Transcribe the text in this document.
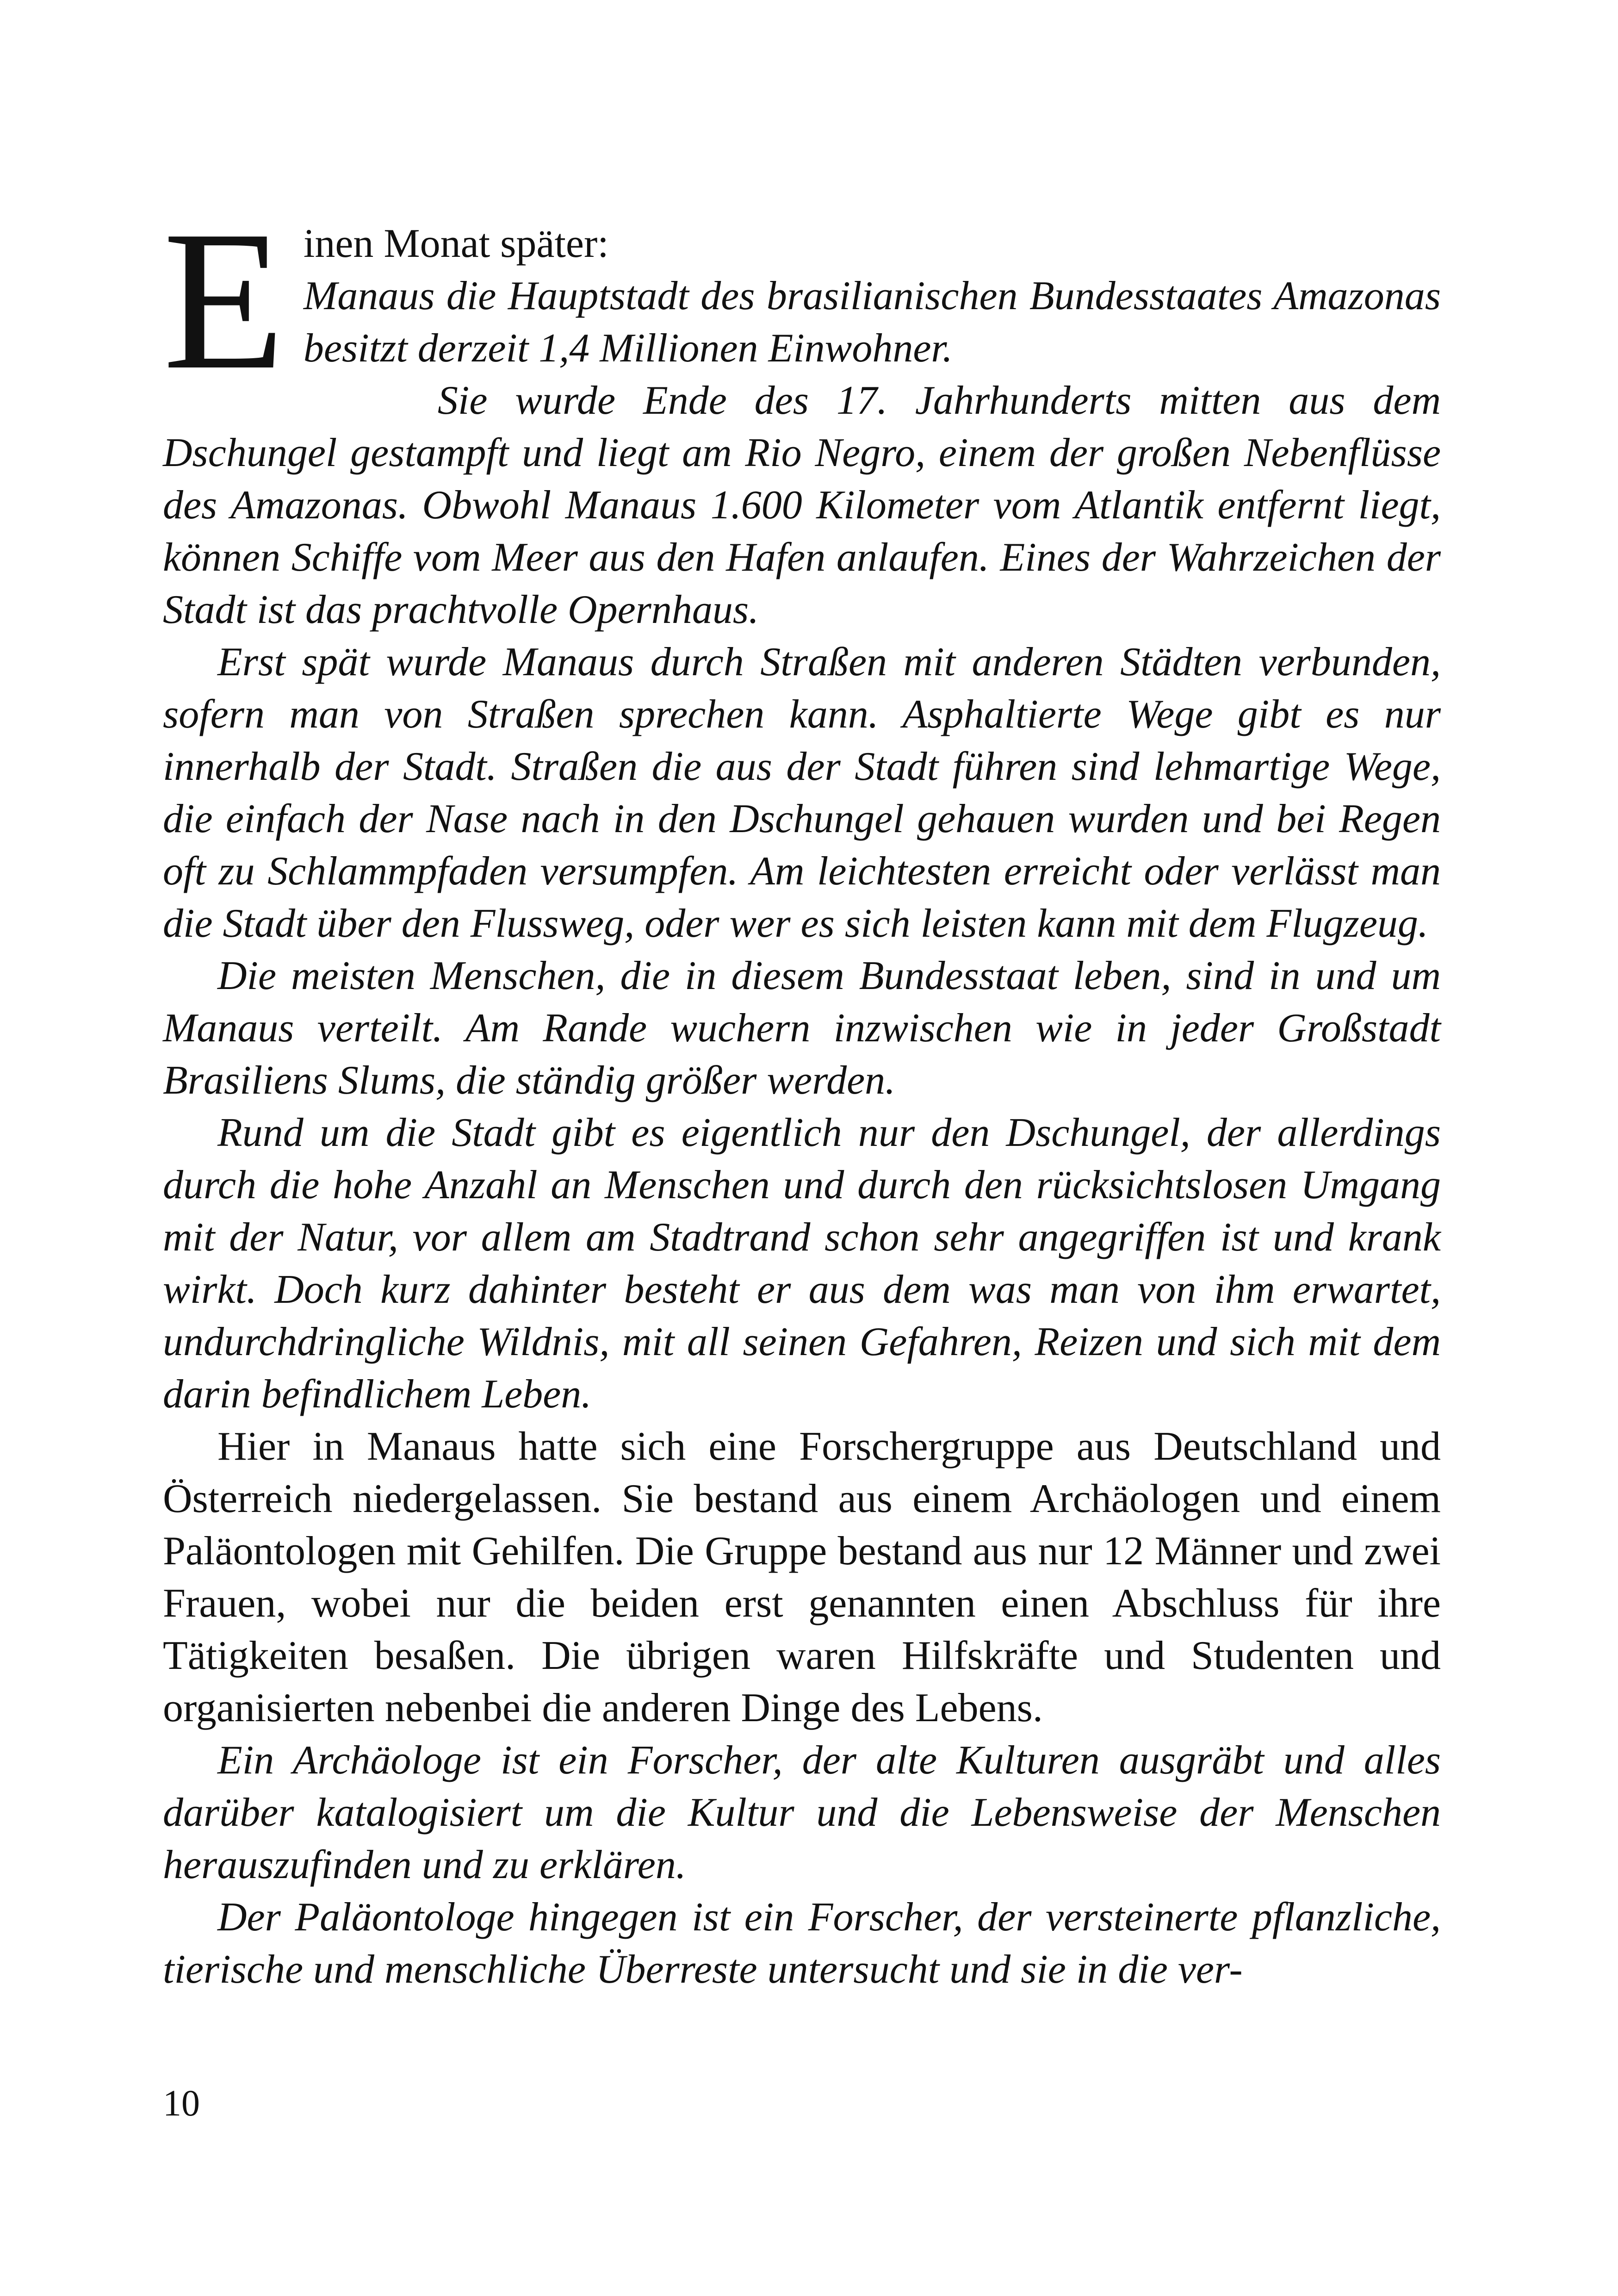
E inen Monat später:

Manaus die Hauptstadt des brasilianischen Bundesstaates Amazonas besitzt derzeit 1,4 Millionen Einwohner.

Sie wurde Ende des 17. Jahrhunderts mitten aus dem Dschungel gestampft und liegt am Rio Negro, einem der großen Nebenflüsse des Amazonas. Obwohl Manaus 1.600 Kilometer vom Atlantik entfernt liegt, können Schiffe vom Meer aus den Hafen anlaufen. Eines der Wahrzeichen der Stadt ist das prachtvolle Opernhaus.

Erst spät wurde Manaus durch Straßen mit anderen Städten verbunden, sofern man von Straßen sprechen kann. Asphaltierte Wege gibt es nur innerhalb der Stadt. Straßen die aus der Stadt führen sind lehmartige Wege, die einfach der Nase nach in den Dschungel gehauen wurden und bei Regen oft zu Schlammpfaden versumpfen. Am leichtesten erreicht oder verlässt man die Stadt über den Flussweg, oder wer es sich leisten kann mit dem Flugzeug.

Die meisten Menschen, die in diesem Bundesstaat leben, sind in und um Manaus verteilt. Am Rande wuchern inzwischen wie in jeder Großstadt Brasiliens Slums, die ständig größer werden.

Rund um die Stadt gibt es eigentlich nur den Dschungel, der allerdings durch die hohe Anzahl an Menschen und durch den rücksichtslosen Umgang mit der Natur, vor allem am Stadtrand schon sehr angegriffen ist und krank wirkt. Doch kurz dahinter besteht er aus dem was man von ihm erwartet, undurchdringliche Wildnis, mit all seinen Gefahren, Reizen und sich mit dem darin befindlichem Leben.

Hier in Manaus hatte sich eine Forschergruppe aus Deutschland und Österreich niedergelassen. Sie bestand aus einem Archäologen und einem Paläontologen mit Gehilfen. Die Gruppe bestand aus nur 12 Männer und zwei Frauen, wobei nur die beiden erst genannten einen Abschluss für ihre Tätigkeiten besaßen. Die übrigen waren Hilfskräfte und Studenten und organisierten nebenbei die anderen Dinge des Lebens.

Ein Archäologe ist ein Forscher, der alte Kulturen ausgräbt und alles darüber katalogisiert um die Kultur und die Lebensweise der Menschen herauszufinden und zu erklären.

Der Paläontologe hingegen ist ein Forscher, der versteinerte pflanzliche, tierische und menschliche Überreste untersucht und sie in die ver-

10
